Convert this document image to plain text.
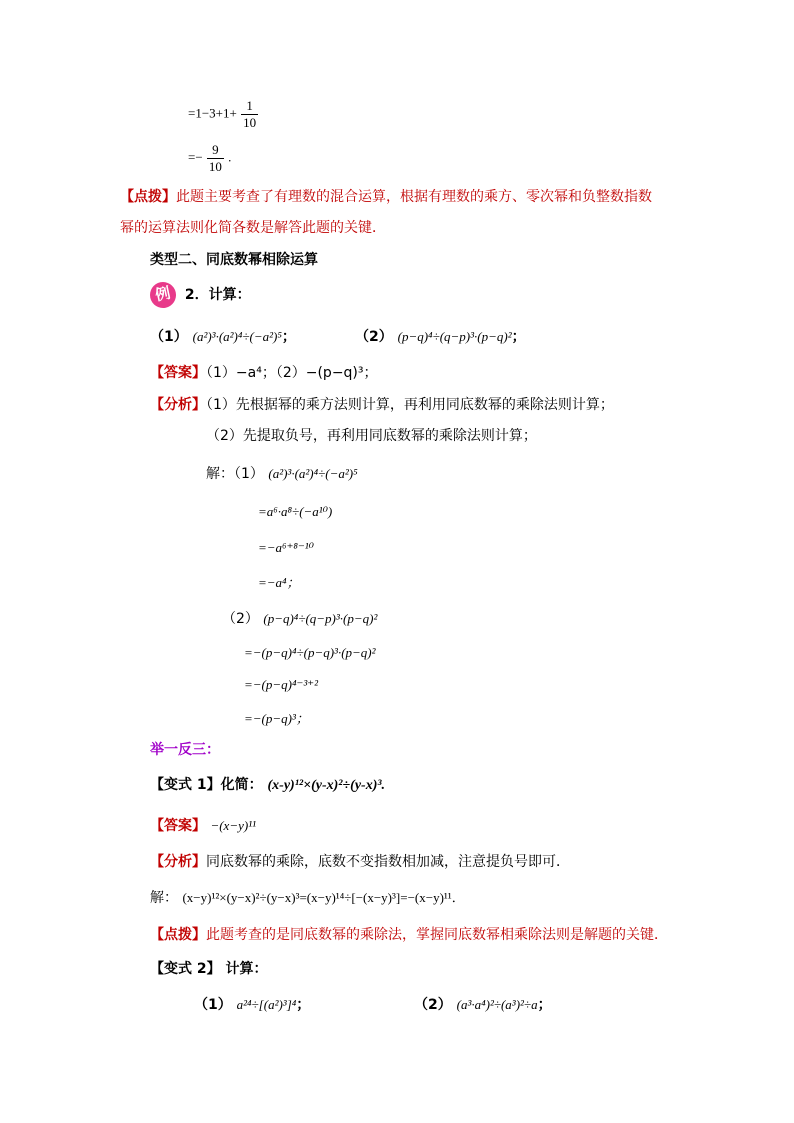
$=1-3+1+ \frac{1}{10}$
=− $\frac{9}{10}$ .
【点拨】此题主要考查了有理数的混合运算，根据有理数的乘方、零次幂和负整数指数
幂的运算法则化简各数是解答此题的关键．
类型二、同底数幂相除运算
例 2．计算：
（1） (a²)³·(a²)⁴÷(−a²)⁵；	（2） (p−q)⁴÷(q−p)³·(p−q)²；
【答案】（1）−a⁴；（2）−(p−q)³；
【分析】（1）先根据幂的乘方法则计算，再利用同底数幂的乘除法则计算；
（2）先提取负号，再利用同底数幂的乘除法则计算；
解：（1） (a²)³·(a²)⁴÷(−a²)⁵
=a⁶·a⁸÷(−a¹⁰)
=−a⁶⁺⁸⁻¹⁰
=−a⁴；
（2） (p−q)⁴÷(q−p)³·(p−q)²
=−(p−q)⁴÷(p−q)³·(p−q)²
=−(p−q)⁴⁻³⁺²
=−(p−q)³；
举一反三：
【变式 1】化简： (x-y)¹²×(y-x)²÷(y-x)³.
【答案】 −(x−y)¹¹
【分析】同底数幂的乘除，底数不变指数相加减，注意提负号即可．
解： (x−y)¹²×(y−x)²÷(y−x)³=(x−y)¹⁴÷[−(x−y)³]=−(x−y)¹¹．
【点拨】此题考查的是同底数幂的乘除法，掌握同底数幂相乘除法则是解题的关键．
【变式 2】 计算：
（1） a²⁴÷[(a²)³]⁴；	（2） (a³·a⁴)²÷(a³)²÷a；
